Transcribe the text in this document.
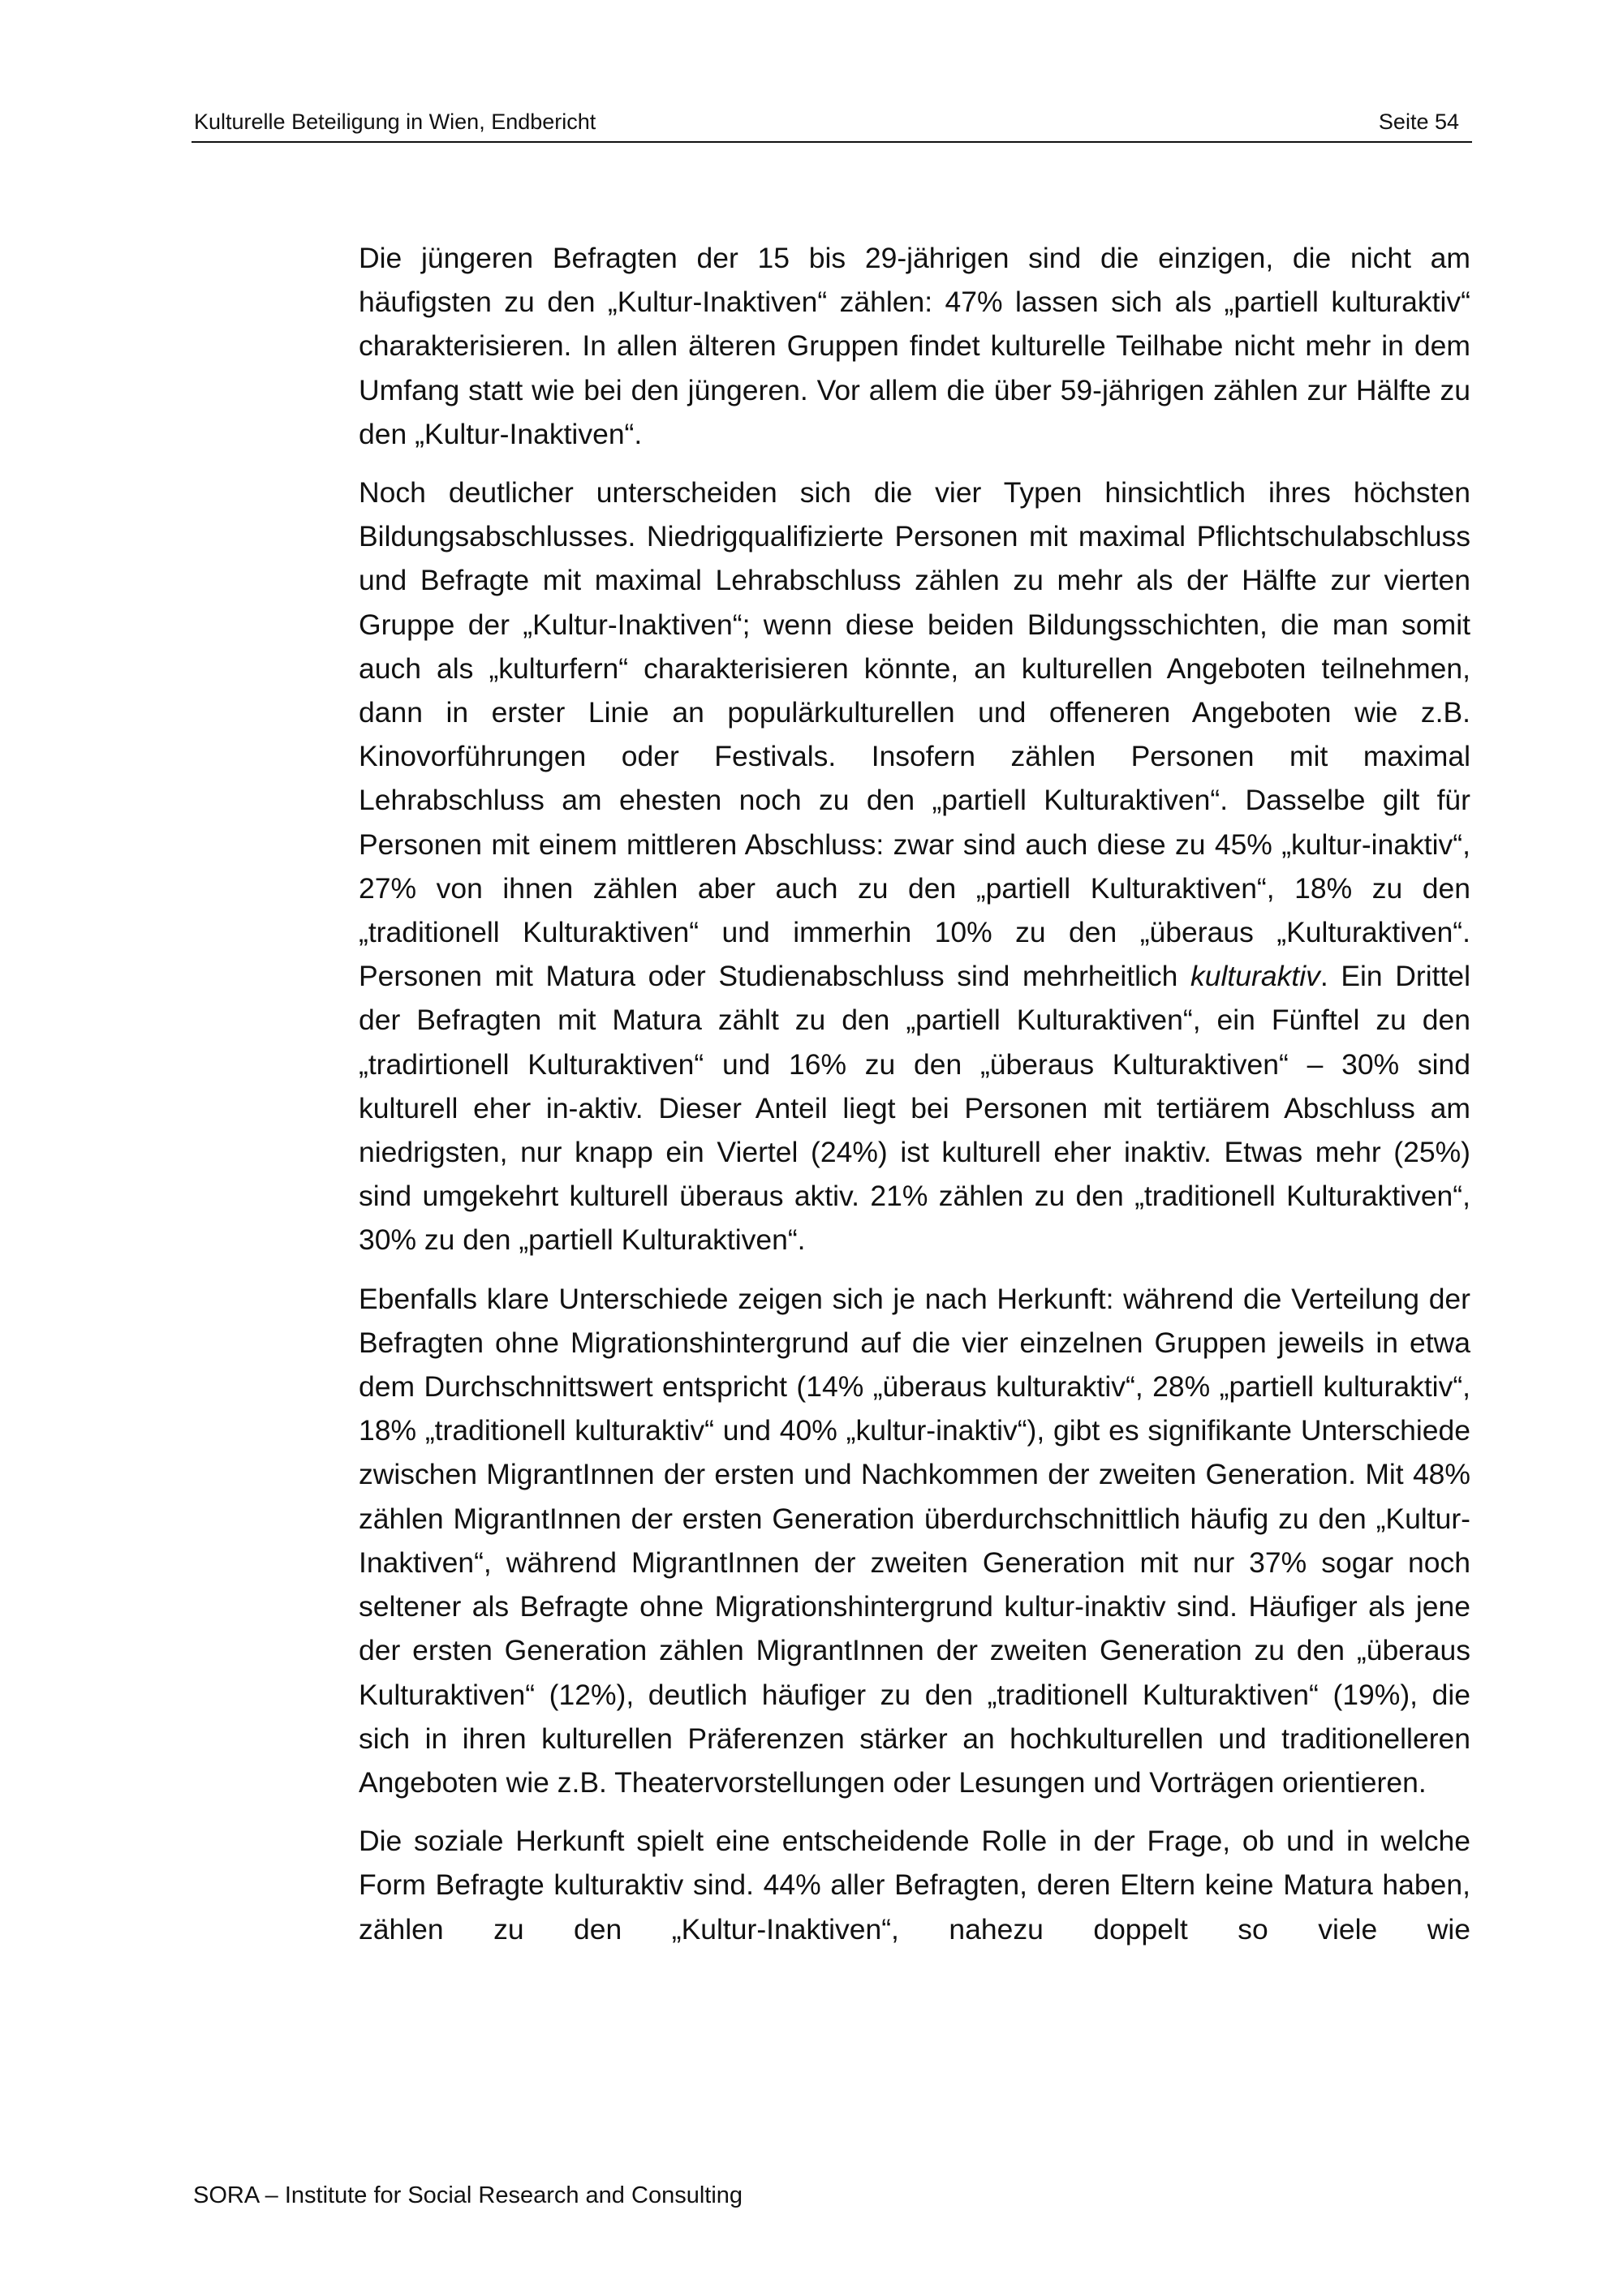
Kulturelle Beteiligung in Wien, Endbericht	Seite 54

Die jüngeren Befragten der 15 bis 29-jährigen sind die einzigen, die nicht am häufigsten zu den „Kultur-Inaktiven“ zählen: 47% lassen sich als „partiell kulturaktiv“ charakterisieren. In allen älteren Gruppen findet kulturelle Teilhabe nicht mehr in dem Umfang statt wie bei den jüngeren. Vor allem die über 59-jährigen zählen zur Hälfte zu den „Kultur-Inaktiven“.

Noch deutlicher unterscheiden sich die vier Typen hinsichtlich ihres höchsten Bildungsabschlusses. Niedrigqualifizierte Personen mit maximal Pflichtschulabschluss und Befragte mit maximal Lehrabschluss zählen zu mehr als der Hälfte zur vierten Gruppe der „Kultur-Inaktiven“; wenn diese beiden Bildungsschichten, die man somit auch als „kulturfern“ charakterisieren könnte, an kulturellen Angeboten teilnehmen, dann in erster Linie an populärkulturellen und offeneren Angeboten wie z.B. Kinovorführungen oder Festivals. Insofern zählen Personen mit maximal Lehrabschluss am ehesten noch zu den „partiell Kulturaktiven“. Dasselbe gilt für Personen mit einem mittleren Abschluss: zwar sind auch diese zu 45% „kultur-inaktiv“, 27% von ihnen zählen aber auch zu den „partiell Kulturaktiven“, 18% zu den „traditionell Kulturaktiven“ und immerhin 10% zu den „überaus „Kulturaktiven“. Personen mit Matura oder Studienabschluss sind mehrheitlich kulturaktiv. Ein Drittel der Befragten mit Matura zählt zu den „partiell Kulturaktiven“, ein Fünftel zu den „tradirtionell Kulturaktiven“ und 16% zu den „überaus Kulturaktiven“ – 30% sind kulturell eher in-aktiv. Dieser Anteil liegt bei Personen mit tertiärem Abschluss am niedrigsten, nur knapp ein Viertel (24%) ist kulturell eher inaktiv. Etwas mehr (25%) sind umgekehrt kulturell überaus aktiv. 21% zählen zu den „traditionell Kulturaktiven“, 30% zu den „partiell Kulturaktiven“.

Ebenfalls klare Unterschiede zeigen sich je nach Herkunft: während die Verteilung der Befragten ohne Migrationshintergrund auf die vier einzelnen Gruppen jeweils in etwa dem Durchschnittswert entspricht (14% „überaus kulturaktiv“, 28% „partiell kulturaktiv“, 18% „traditionell kulturaktiv“ und 40% „kultur-inaktiv“), gibt es signifikante Unterschiede zwischen MigrantInnen der ersten und Nachkommen der zweiten Generation. Mit 48% zählen MigrantInnen der ersten Generation überdurchschnittlich häufig zu den „Kultur-Inaktiven“, während MigrantInnen der zweiten Generation mit nur 37% sogar noch seltener als Befragte ohne Migrationshintergrund kultur-inaktiv sind. Häufiger als jene der ersten Generation zählen MigrantInnen der zweiten Generation zu den „überaus Kulturaktiven“ (12%), deutlich häufiger zu den „traditionell Kulturaktiven“ (19%), die sich in ihren kulturellen Präferenzen stärker an hochkulturellen und traditionelleren Angeboten wie z.B. Theatervorstellungen oder Lesungen und Vorträgen orientieren.

Die soziale Herkunft spielt eine entscheidende Rolle in der Frage, ob und in welche Form Befragte kulturaktiv sind. 44% aller Befragten, deren Eltern keine Matura haben, zählen zu den „Kultur-Inaktiven“, nahezu doppelt so viele wie

SORA – Institute for Social Research and Consulting
